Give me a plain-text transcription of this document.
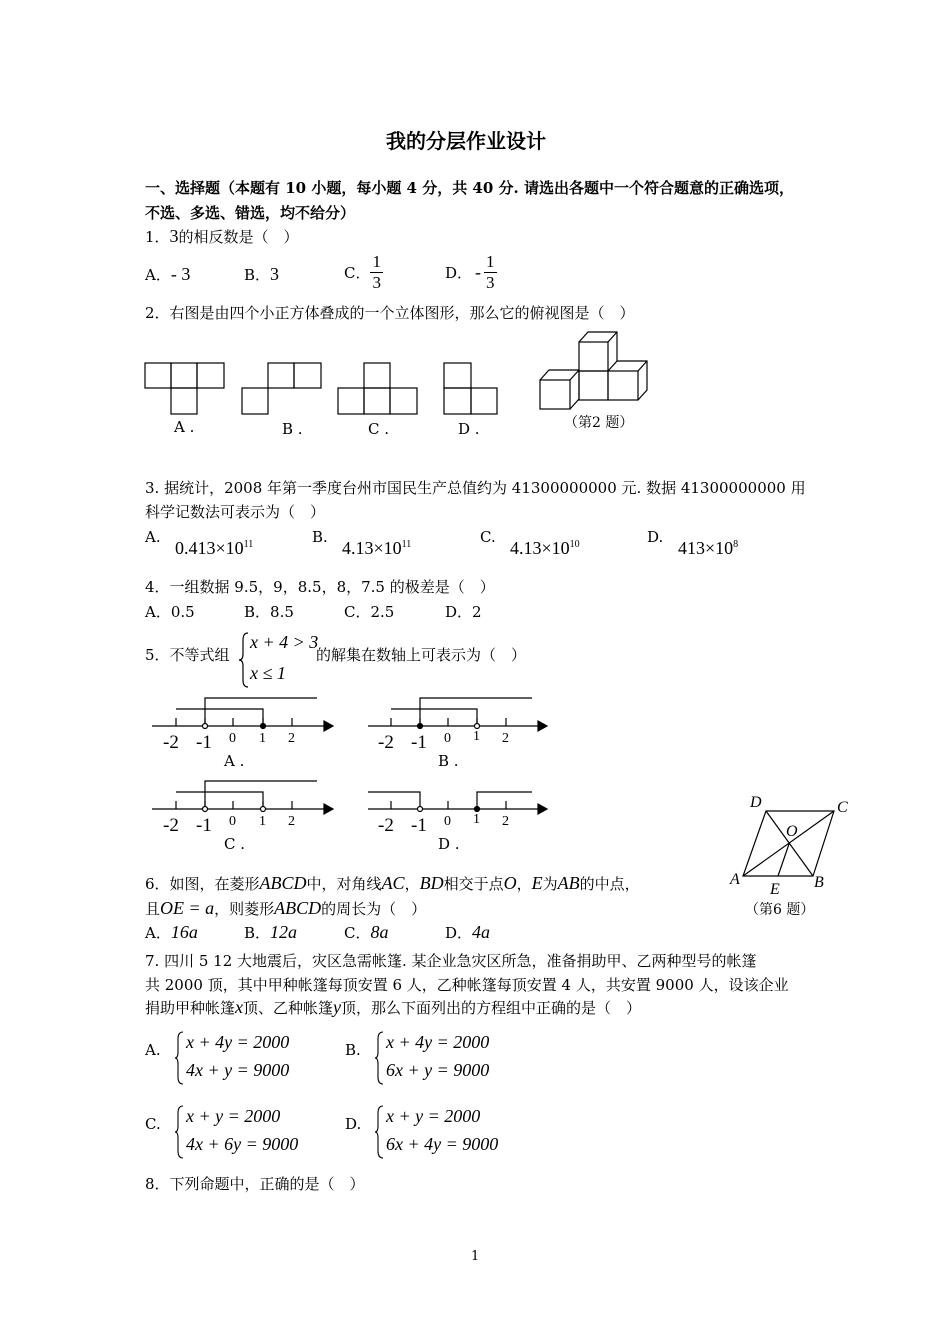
我的分层作业设计
一、选择题（本题有 10 小题，每小题 4 分，共 40 分. 请选出各题中一个符合题意的正确选项，
不选、多选、错选，均不给分）
1．3的相反数是（　）
A．- 3	B．3	C． $\frac{1}{3}$	D． - $\frac{1}{3}$
2．右图是由四个小正方体叠成的一个立体图形，那么它的俯视图是（　）
A .	B .	C .	D .	（第2 题）
3. 据统计，2008 年第一季度台州市国民生产总值约为 41300000000 元. 数据 41300000000 用
科学记数法可表示为（　）
A.
$0.413\times 10^{11}$	B.
$4.13\times 10^{11}$	C.
$4.13\times 10^{10}$	D.
$413\times 10^8$
4．一组数据 9.5，9，8.5，8，7.5 的极差是（　）
A．0.5	B．8.5	C．2.5	D．2
5．不等式组
x + 4 > 3
x ≤ 1
的解集在数轴上可表示为（　）
-2 -1 0 1 2
A .
-2 -1 0 1 2
B .
-2 -1 0 1 2
C .
-2 -1 0 1 2
D .
D	C
O
A	B
E
（第6 题）
6．如图，在菱形ABCD中，对角线AC，BD相交于点O，E为AB的中点，
且OE = a，则菱形ABCD的周长为（　）
A．16a	B．12a	C．8a	D．4a
7. 四川 5 12 大地震后，灾区急需帐篷. 某企业急灾区所急，准备捐助甲、乙两种型号的帐篷
共 2000 顶，其中甲种帐篷每顶安置 6 人，乙种帐篷每顶安置 4 人，共安置 9000 人，设该企业
捐助甲种帐篷x顶、乙种帐篷y顶，那么下面列出的方程组中正确的是（　）
A. x + 4y = 2000
4x + y = 9000
B. x + 4y = 2000
6x + y = 9000
C. x + y = 2000
4x + 6y = 9000
D. x + y = 2000
6x + 4y = 9000
8．下列命题中，正确的是（　）
1
